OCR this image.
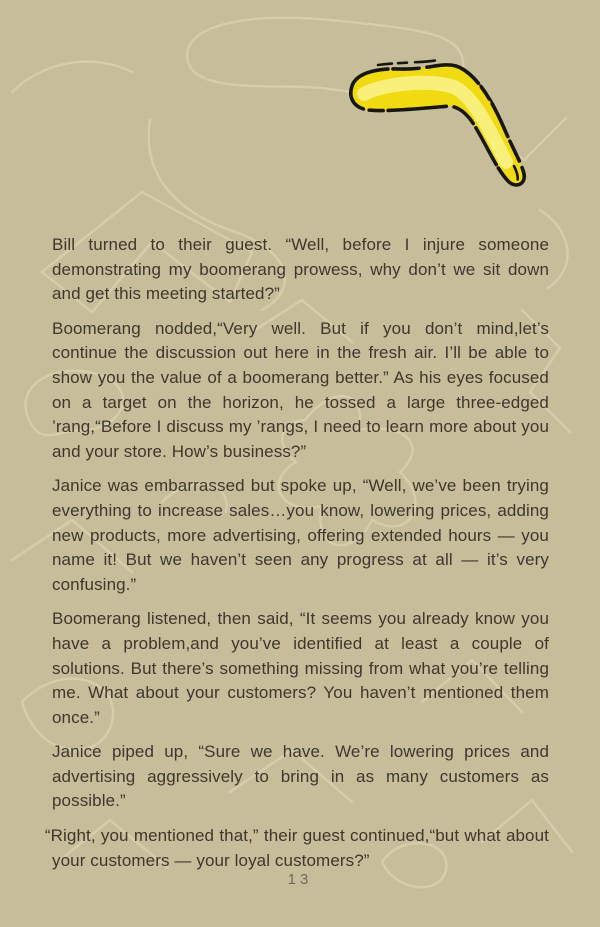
Bill turned to their guest. “Well, before I injure someone demonstrating my boomerang prowess, why don’t we sit down and get this meeting started?”

Boomerang nodded,“Very well. But if you don’t mind,let’s continue the discussion out here in the fresh air. I’ll be able to show you the value of a boomerang better.” As his eyes focused on a target on the horizon, he tossed a large three-edged ’rang,“Before I discuss my ’rangs, I need to learn more about you and your store. How’s business?”

Janice was embarrassed but spoke up, “Well, we’ve been trying everything to increase sales…you know, lowering prices, adding new products, more advertising, offering extended hours — you name it! But we haven’t seen any progress at all — it’s very confusing.”

Boomerang listened, then said, “It seems you already know you have a problem,and you’ve identified at least a couple of solutions. But there’s something missing from what you’re telling me. What about your customers? You haven’t mentioned them once.”

Janice piped up, “Sure we have. We’re lowering prices and advertising aggressively to bring in as many customers as possible.”

“Right, you mentioned that,” their guest continued,“but what about your customers — your loyal customers?”

13
